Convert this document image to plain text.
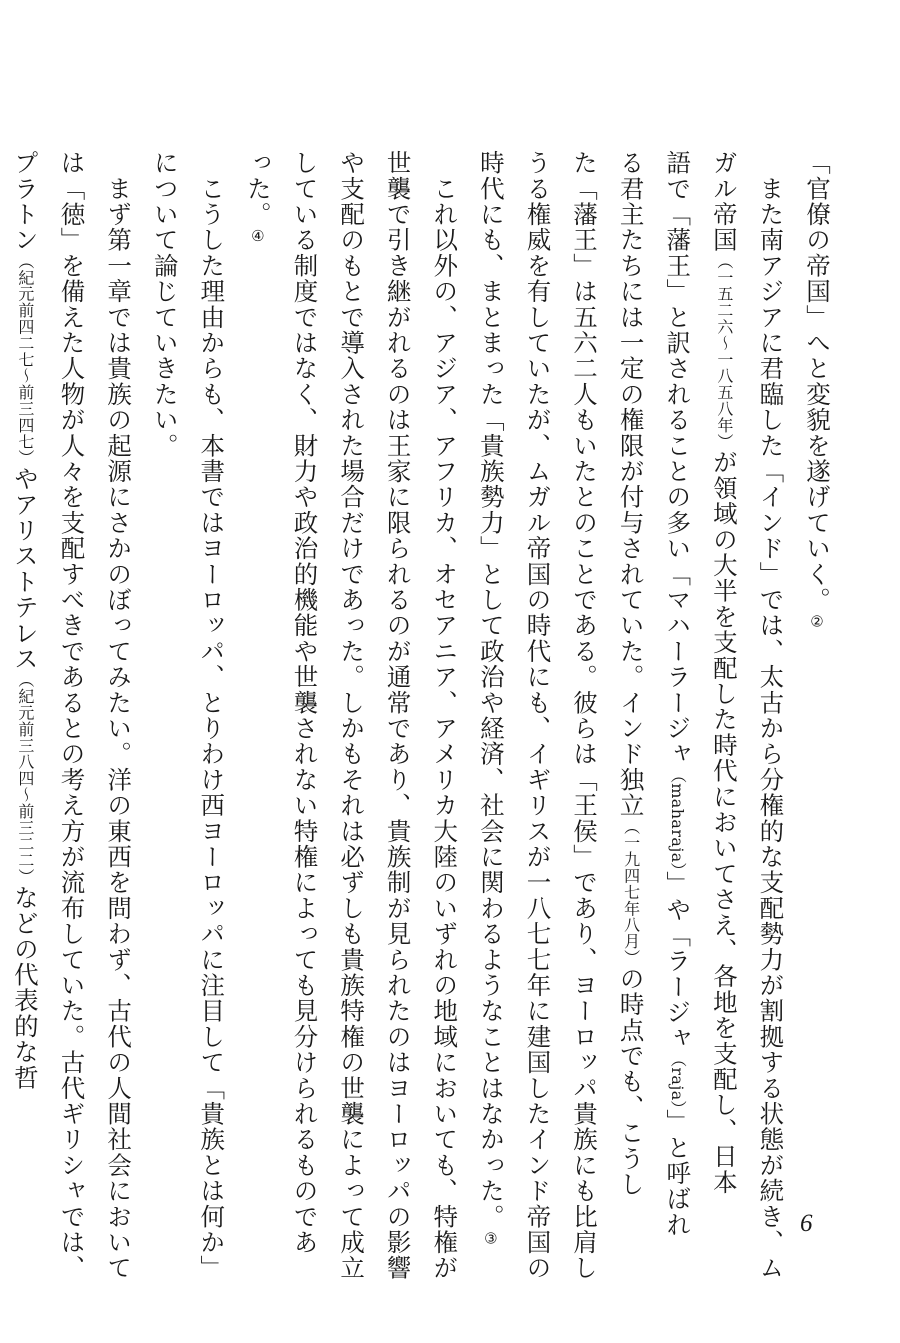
「官僚の帝国」へと変貌を遂げていく。②
　また南アジアに君臨した「インド」では、太古から分権的な支配勢力が割拠する状態が続き、ム
ガル帝国（一五二六～一八五八年）が領域の大半を支配した時代においてさえ、各地を支配し、日本
語で「藩王」と訳されることの多い「マハーラージャ（maharaja）」や「ラージャ（raja）」と呼ばれ
る君主たちには一定の権限が付与されていた。インド独立（一九四七年八月）の時点でも、こうし
た「藩王」は五六二人もいたとのことである。彼らは「王侯」であり、ヨーロッパ貴族にも比肩し
うる権威を有していたが、ムガル帝国の時代にも、イギリスが一八七七年に建国したインド帝国の
時代にも、まとまった「貴族勢力」として政治や経済、社会に関わるようなことはなかった。③
　これ以外の、アジア、アフリカ、オセアニア、アメリカ大陸のいずれの地域においても、特権が
世襲で引き継がれるのは王家に限られるのが通常であり、貴族制が見られたのはヨーロッパの影響
や支配のもとで導入された場合だけであった。しかもそれは必ずしも貴族特権の世襲によって成立
している制度ではなく、財力や政治的機能や世襲されない特権によっても見分けられるものであ
った。④
　こうした理由からも、本書ではヨーロッパ、とりわけ西ヨーロッパに注目して「貴族とは何か」
について論じていきたい。
　まず第一章では貴族の起源にさかのぼってみたい。洋の東西を問わず、古代の人間社会において
は「徳」を備えた人物が人々を支配すべきであるとの考え方が流布していた。古代ギリシャでは、
プラトン（紀元前四二七～前三四七）やアリストテレス（紀元前三八四～前三二二）などの代表的な哲
6
